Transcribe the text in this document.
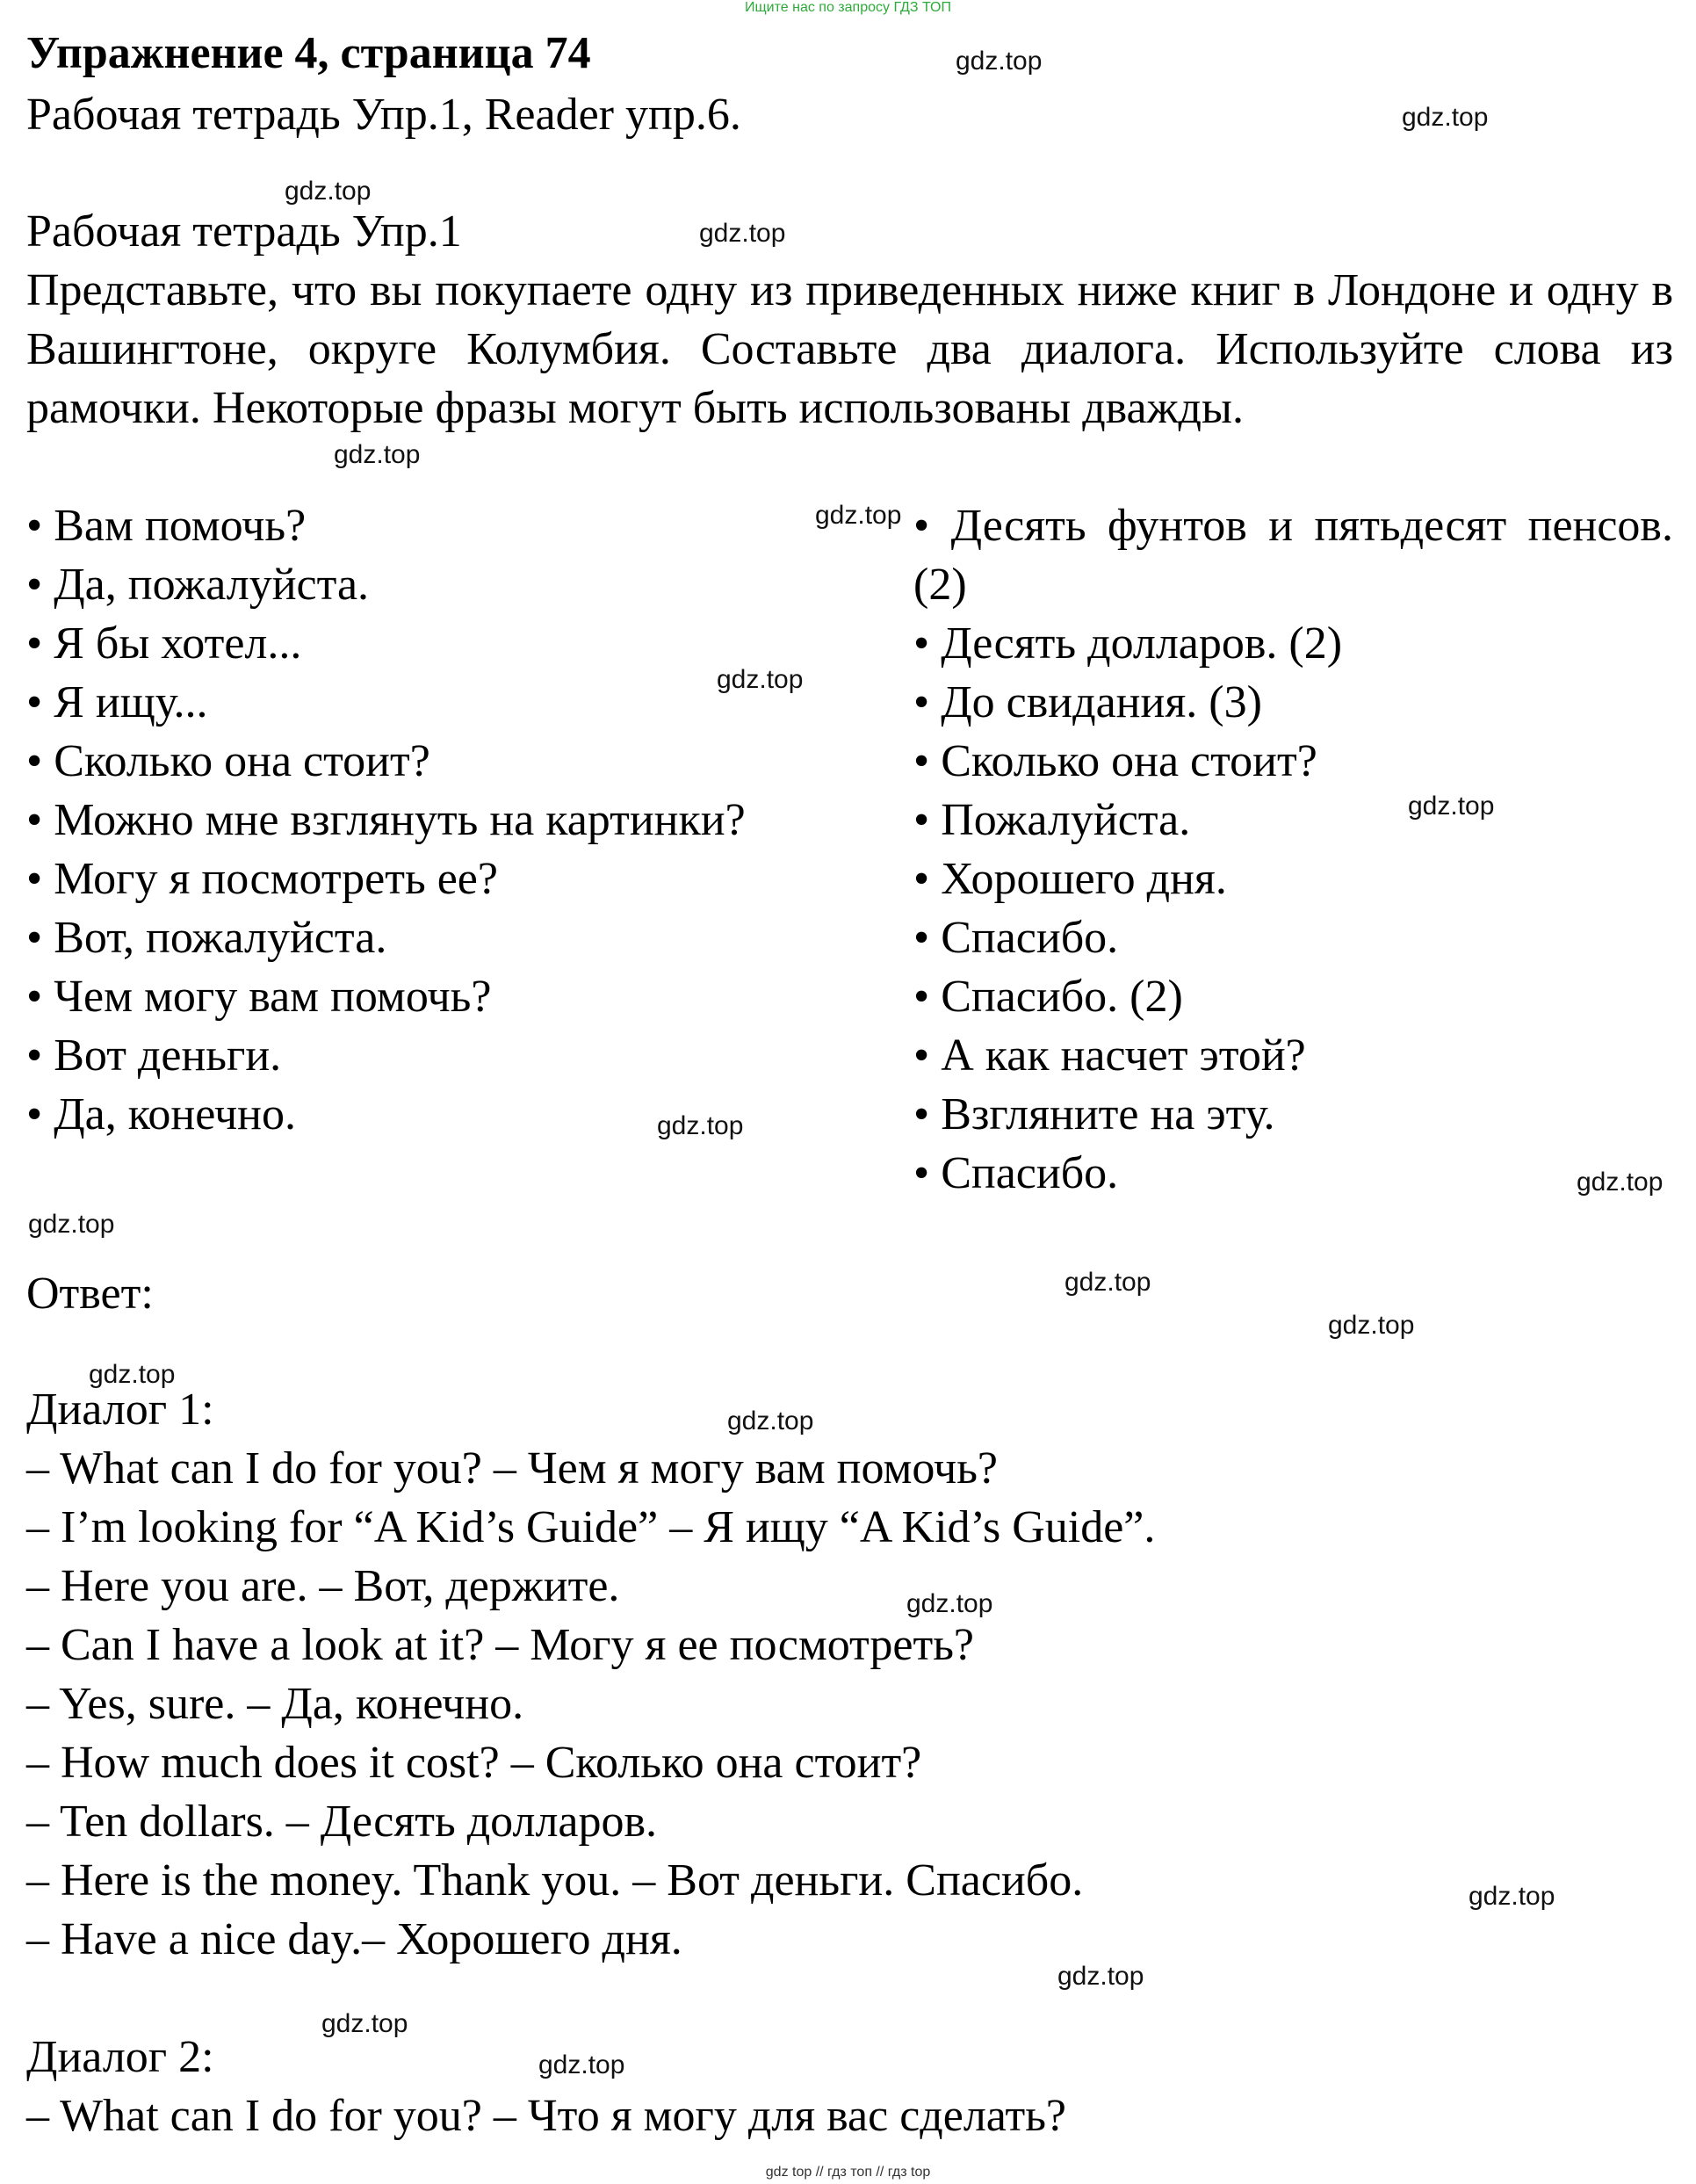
Ищите нас по запросу ГДЗ ТОП
Упражнение 4, страница 74
Рабочая тетрадь Упр.1, Reader упр.6.
Рабочая тетрадь Упр.1
Представьте, что вы покупаете одну из приведенных ниже книг в Лондоне и одну в Вашингтоне, округе Колумбия. Составьте два диалога. Используйте слова из рамочки. Некоторые фразы могут быть использованы дважды.
• Вам помочь?
• Да, пожалуйста.
• Я бы хотел...
• Я ищу...
• Сколько она стоит?
• Можно мне взглянуть на картинки?
• Могу я посмотреть ее?
• Вот, пожалуйста.
• Чем могу вам помочь?
• Вот деньги.
• Да, конечно.
• Десять фунтов и пятьдесят пенсов. (2)
• Десять долларов. (2)
• До свидания. (3)
• Сколько она стоит?
• Пожалуйста.
• Хорошего дня.
• Спасибо.
• Спасибо. (2)
• А как насчет этой?
• Взгляните на эту.
• Спасибо.
Ответ:
Диалог 1:
– What can I do for you? – Чем я могу вам помочь?
– I’m looking for “A Kid’s Guide” – Я ищу “A Kid’s Guide”.
– Here you are. – Вот, держите.
– Can I have a look at it? – Могу я ее посмотреть?
– Yes, sure. – Да, конечно.
– How much does it cost? – Сколько она стоит?
– Ten dollars. – Десять долларов.
– Here is the money. Thank you. – Вот деньги. Спасибо.
– Have a nice day.– Хорошего дня.
Диалог 2:
– What can I do for you? – Что я могу для вас сделать?
gdz top // гдз топ // гдз top
gdz.top
gdz.top
gdz.top
gdz.top
gdz.top
gdz.top
gdz.top
gdz.top
gdz.top
gdz.top
gdz.top
gdz.top
gdz.top
gdz.top
gdz.top
gdz.top
gdz.top
gdz.top
gdz.top
gdz.top
